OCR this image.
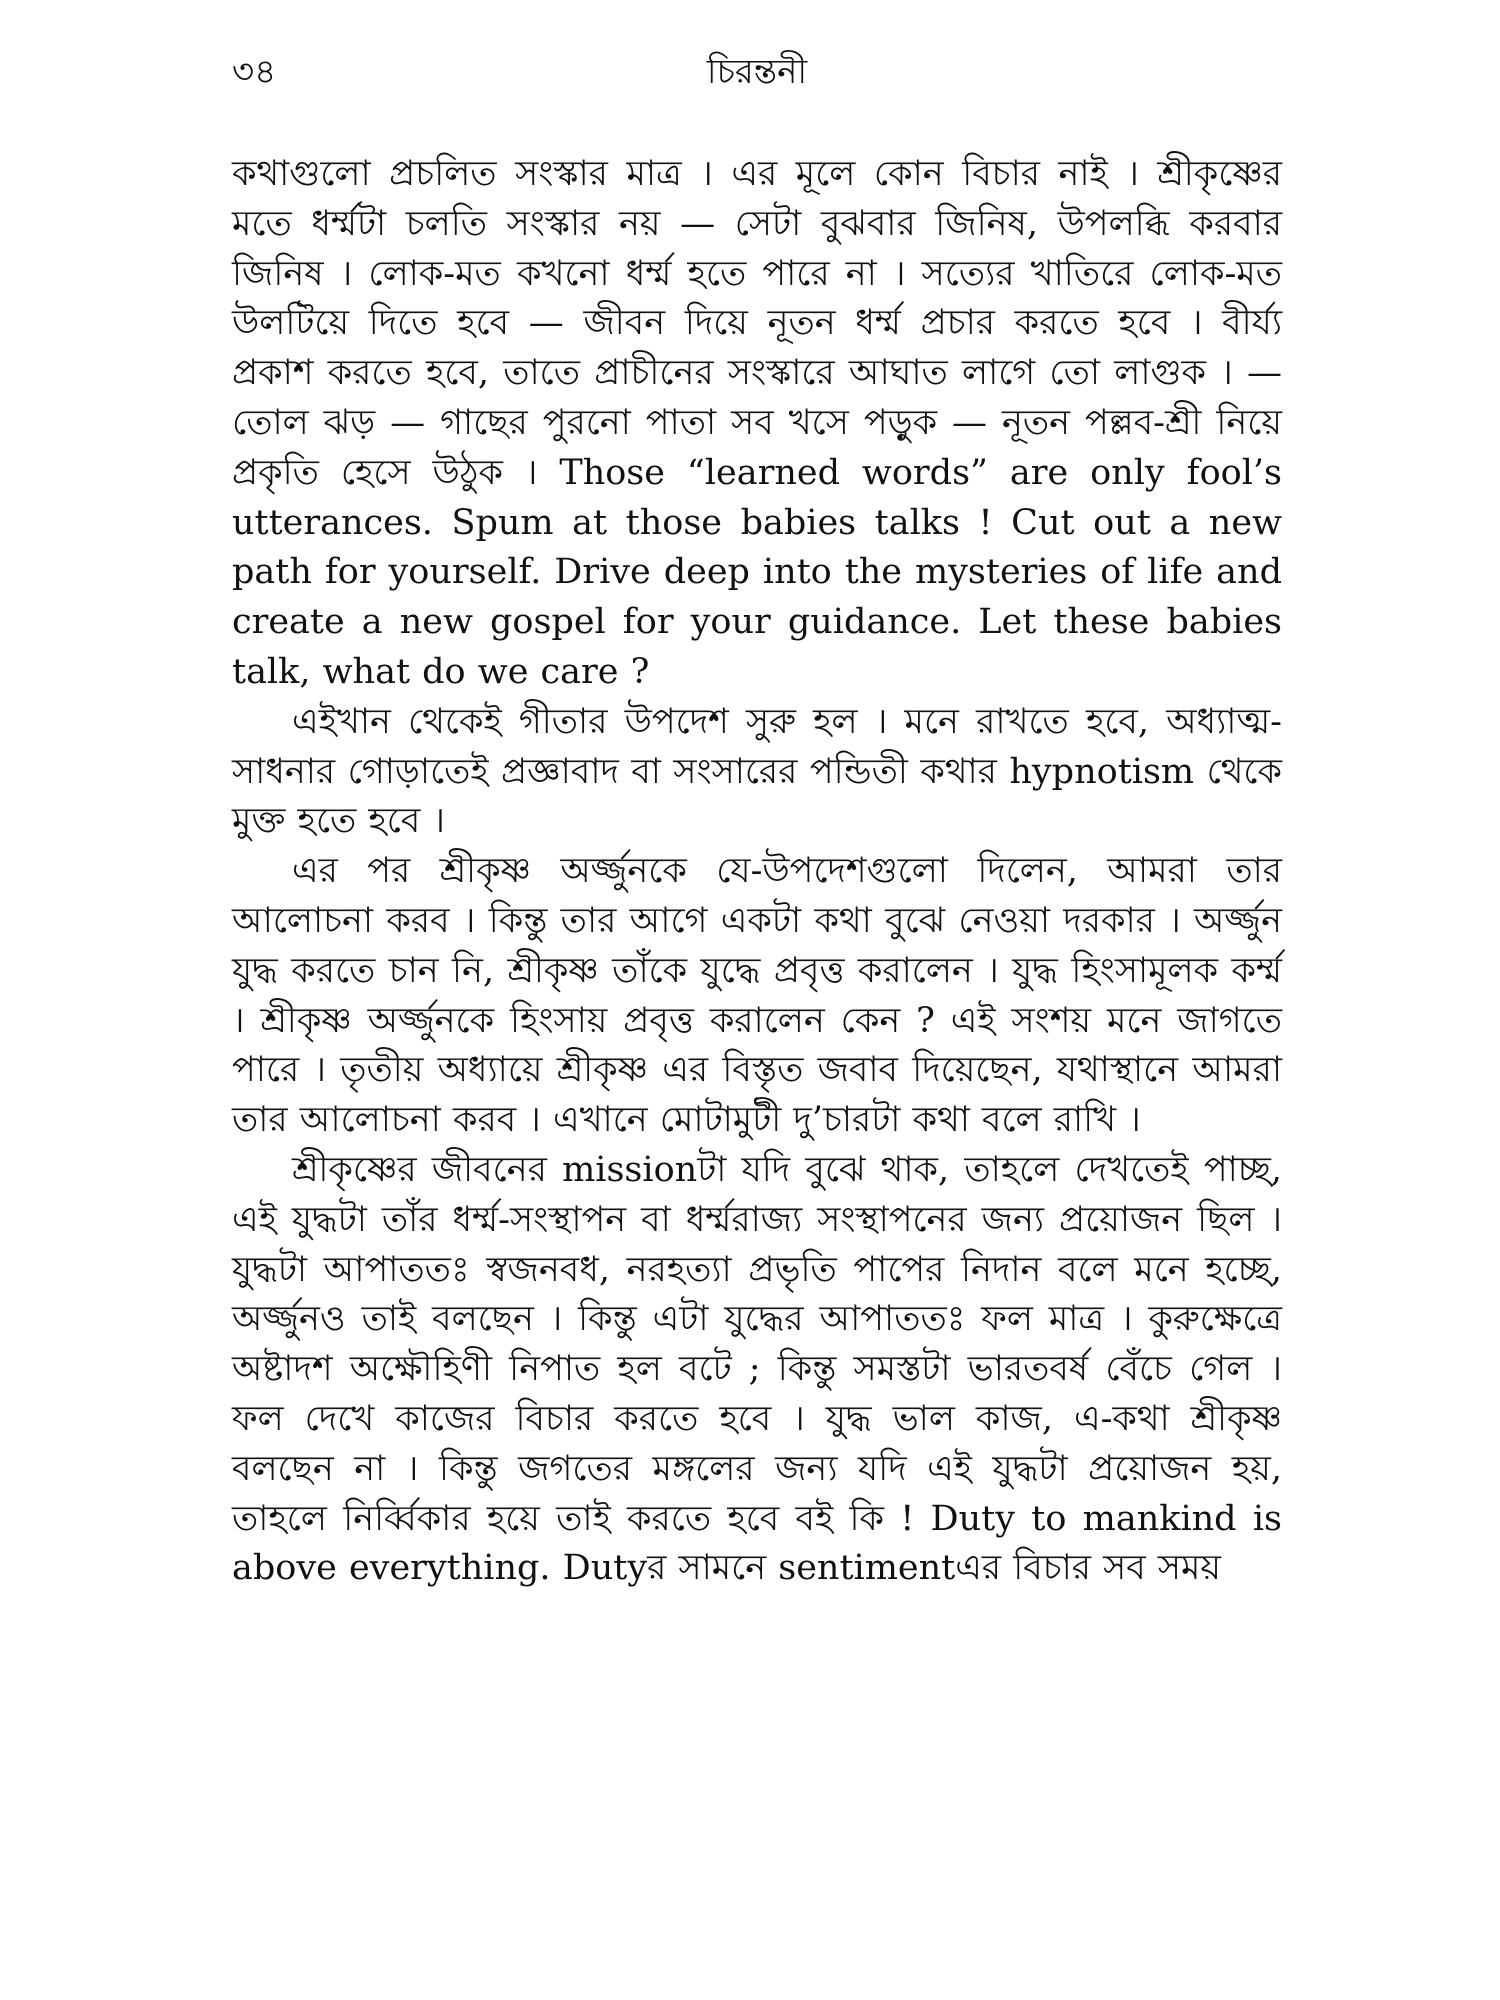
৩৪	চিরন্তনী

কথাগুলো প্রচলিত সংস্কার মাত্র । এর মূলে কোন বিচার নাই । শ্রীকৃষ্ণের মতে ধর্ম্মটা চলতি সংস্কার নয় — সেটা বুঝবার জিনিষ, উপলব্ধি করবার জিনিষ । লোক-মত কখনো ধর্ম্ম হতে পারে না । সত্যের খাতিরে লোক-মত উলটিয়ে দিতে হবে — জীবন দিয়ে নূতন ধর্ম্ম প্রচার করতে হবে । বীর্য্য প্রকাশ করতে হবে, তাতে প্রাচীনের সংস্কারে আঘাত লাগে তো লাগুক । — তোল ঝড় — গাছের পুরনো পাতা সব খসে পড়ুক — নূতন পল্লব-শ্রী নিয়ে প্রকৃতি হেসে উঠুক । Those “learned words” are only fool’s utterances. Spum at those babies talks ! Cut out a new path for yourself. Drive deep into the mysteries of life and create a new gospel for your guidance. Let these babies talk, what do we care ?

এইখান থেকেই গীতার উপদেশ সুরু হল । মনে রাখতে হবে, অধ্যাত্ম-সাধনার গোড়াতেই প্রজ্ঞাবাদ বা সংসারের পন্ডিতী কথার hypnotism থেকে মুক্ত হতে হবে ।

এর পর শ্রীকৃষ্ণ অর্জ্জুনকে যে-উপদেশগুলো দিলেন, আমরা তার আলোচনা করব । কিন্তু তার আগে একটা কথা বুঝে নেওয়া দরকার । অর্জ্জুন যুদ্ধ করতে চান নি, শ্রীকৃষ্ণ তাঁকে যুদ্ধে প্রবৃত্ত করালেন । যুদ্ধ হিংসামূলক কর্ম্ম । শ্রীকৃষ্ণ অর্জ্জুনকে হিংসায় প্রবৃত্ত করালেন কেন ? এই সংশয় মনে জাগতে পারে । তৃতীয় অধ্যায়ে শ্রীকৃষ্ণ এর বিস্তৃত জবাব দিয়েছেন, যথাস্থানে আমরা তার আলোচনা করব । এখানে মোটামুটী দু’চারটা কথা বলে রাখি ।

শ্রীকৃষ্ণের জীবনের missionটা যদি বুঝে থাক, তাহলে দেখতেই পাচ্ছ, এই যুদ্ধটা তাঁর ধর্ম্ম-সংস্থাপন বা ধর্ম্মরাজ্য সংস্থাপনের জন্য প্রয়োজন ছিল । যুদ্ধটা আপাততঃ স্বজনবধ, নরহত্যা প্রভৃতি পাপের নিদান বলে মনে হচ্ছে, অর্জ্জুনও তাই বলছেন । কিন্তু এটা যুদ্ধের আপাততঃ ফল মাত্র । কুরুক্ষেত্রে অষ্টাদশ অক্ষৌহিণী নিপাত হল বটে ; কিন্তু সমস্তটা ভারতবর্ষ বেঁচে গেল । ফল দেখে কাজের বিচার করতে হবে । যুদ্ধ ভাল কাজ, এ-কথা শ্রীকৃষ্ণ বলছেন না । কিন্তু জগতের মঙ্গলের জন্য যদি এই যুদ্ধটা প্রয়োজন হয়, তাহলে নির্ব্বিকার হয়ে তাই করতে হবে বই কি ! Duty to mankind is above everything. Dutyর সামনে sentimentএর বিচার সব সময়
